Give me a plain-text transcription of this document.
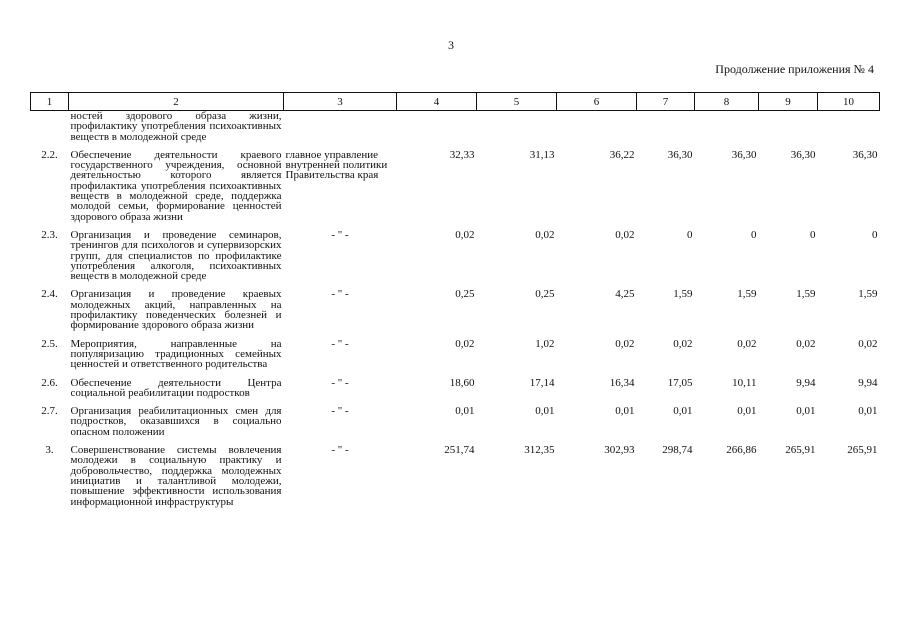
3
Продолжение приложения № 4
1	2	3	4	5	6	7	8	9	10
	ностей здорового образа жизни, профилактику употребления психоактивных веществ в молодежной среде								
2.2.	Обеспечение деятельности краевого государственного учреждения, основной деятельностью которого является профилактика употребления психоактивных веществ в молодежной среде, поддержка молодой семьи, формирование ценностей здорового образа жизни	главное управление внутренней политики Правительства края	32,33	31,13	36,22	36,30	36,30	36,30	36,30
2.3.	Организация и проведение семинаров, тренингов для психологов и супервизорских групп, для специалистов по профилактике употребления алкоголя, психоактивных веществ в молодежной среде	- " -	0,02	0,02	0,02	0	0	0	0
2.4.	Организация и проведение краевых молодежных акций, направленных на профилактику поведенческих болезней и формирование здорового образа жизни	- " -	0,25	0,25	4,25	1,59	1,59	1,59	1,59
2.5.	Мероприятия, направленные на популяризацию традиционных семейных ценностей и ответственного родительства	- " -	0,02	1,02	0,02	0,02	0,02	0,02	0,02
2.6.	Обеспечение деятельности Центра социальной реабилитации подростков	- " -	18,60	17,14	16,34	17,05	10,11	9,94	9,94
2.7.	Организация реабилитационных смен для подростков, оказавшихся в социально опасном положении	- " -	0,01	0,01	0,01	0,01	0,01	0,01	0,01
3.	Совершенствование системы вовлечения молодежи в социальную практику и добровольчество, поддержка молодежных инициатив и талантливой молодежи, повышение эффективности использования информационной инфраструктуры	- " -	251,74	312,35	302,93	298,74	266,86	265,91	265,91
